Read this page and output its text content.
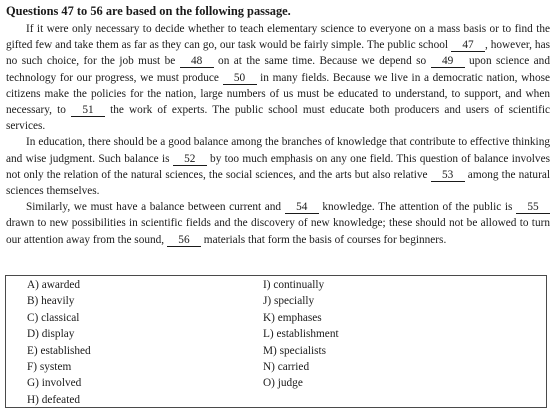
Questions 47 to 56 are based on the following passage.

If it were only necessary to decide whether to teach elementary science to everyone on a mass basis or to find the gifted few and take them as far as they can go, our task would be fairly simple. The public school 47 , however, has no such choice, for the job must be 48 on at the same time. Because we depend so 49 upon science and technology for our progress, we must produce 50 in many fields. Because we live in a democratic nation, whose citizens make the policies for the nation, large numbers of us must be educated to understand, to support, and when necessary, to 51 the work of experts. The public school must educate both producers and users of scientific services.

In education, there should be a good balance among the branches of knowledge that contribute to effective thinking and wise judgment. Such balance is 52 by too much emphasis on any one field. This question of balance involves not only the relation of the natural sciences, the social sciences, and the arts but also relative 53 among the natural sciences themselves.

Similarly, we must have a balance between current and 54 knowledge. The attention of the public is 55 drawn to new possibilities in scientific fields and the discovery of new knowledge; these should not be allowed to turn our attention away from the sound, 56 materials that form the basis of courses for beginners.

A) awarded
B) heavily
C) classical
D) display
E) established
F) system
G) involved
H) defeated
I) continually
J) specially
K) emphases
L) establishment
M) specialists
N) carried
O) judge
